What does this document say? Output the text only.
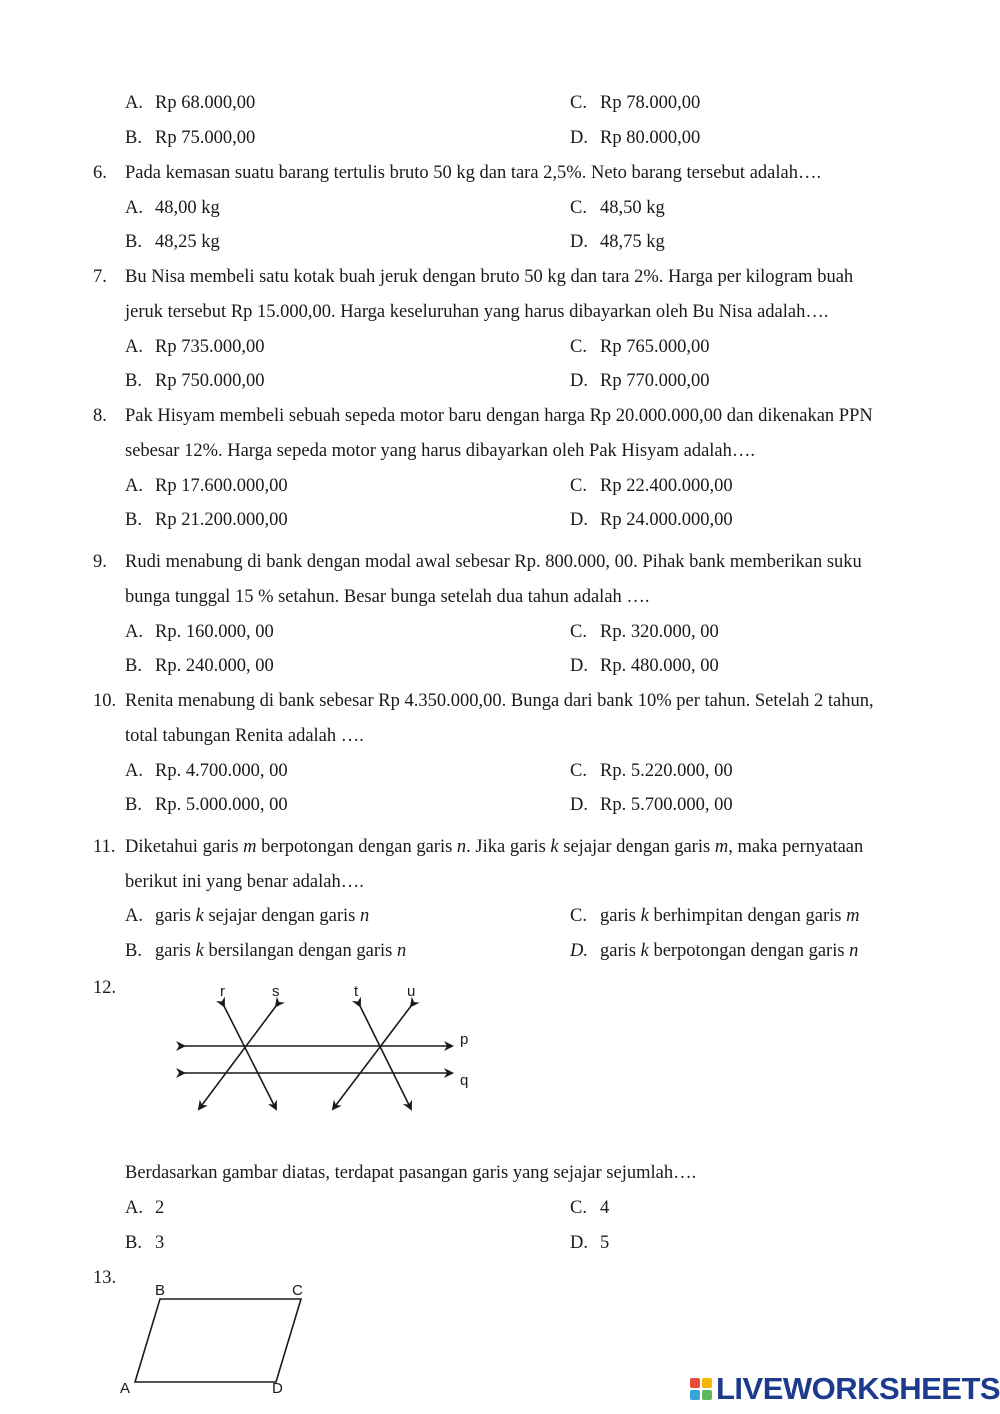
A. Rp 68.000,00	C. Rp 78.000,00
B. Rp 75.000,00	D. Rp 80.000,00
6. Pada kemasan suatu barang tertulis bruto 50 kg dan tara 2,5%. Neto barang tersebut adalah….
A. 48,00 kg	C. 48,50 kg
B. 48,25 kg	D. 48,75 kg
7. Bu Nisa membeli satu kotak buah jeruk dengan bruto 50 kg dan tara 2%. Harga per kilogram buah
jeruk tersebut Rp 15.000,00. Harga keseluruhan yang harus dibayarkan oleh Bu Nisa adalah….
A. Rp 735.000,00	C. Rp 765.000,00
B. Rp 750.000,00	D. Rp 770.000,00
8. Pak Hisyam membeli sebuah sepeda motor baru dengan harga Rp 20.000.000,00 dan dikenakan PPN
sebesar 12%. Harga sepeda motor yang harus dibayarkan oleh Pak Hisyam adalah….
A. Rp 17.600.000,00	C. Rp 22.400.000,00
B. Rp 21.200.000,00	D. Rp 24.000.000,00
9. Rudi menabung di bank dengan modal awal sebesar Rp. 800.000, 00. Pihak bank memberikan suku
bunga tunggal 15 % setahun. Besar bunga setelah dua tahun adalah ….
A. Rp. 160.000, 00	C. Rp. 320.000, 00
B. Rp. 240.000, 00	D. Rp. 480.000, 00
10. Renita menabung di bank sebesar Rp 4.350.000,00. Bunga dari bank 10% per tahun. Setelah 2 tahun,
total tabungan Renita adalah ….
A. Rp. 4.700.000, 00	C. Rp. 5.220.000, 00
B. Rp. 5.000.000, 00	D. Rp. 5.700.000, 00
11. Diketahui garis m berpotongan dengan garis n. Jika garis k sejajar dengan garis m, maka pernyataan
berikut ini yang benar adalah….
A. garis k sejajar dengan garis n	C. garis k berhimpitan dengan garis m
B. garis k bersilangan dengan garis n	D. garis k berpotongan dengan garis n
12.	r	s	t	u
p
q
Berdasarkan gambar diatas, terdapat pasangan garis yang sejajar sejumlah….
A. 2	C. 4
B. 3	D. 5
13.
B	C
A	D	LIVEWORKSHEETS
